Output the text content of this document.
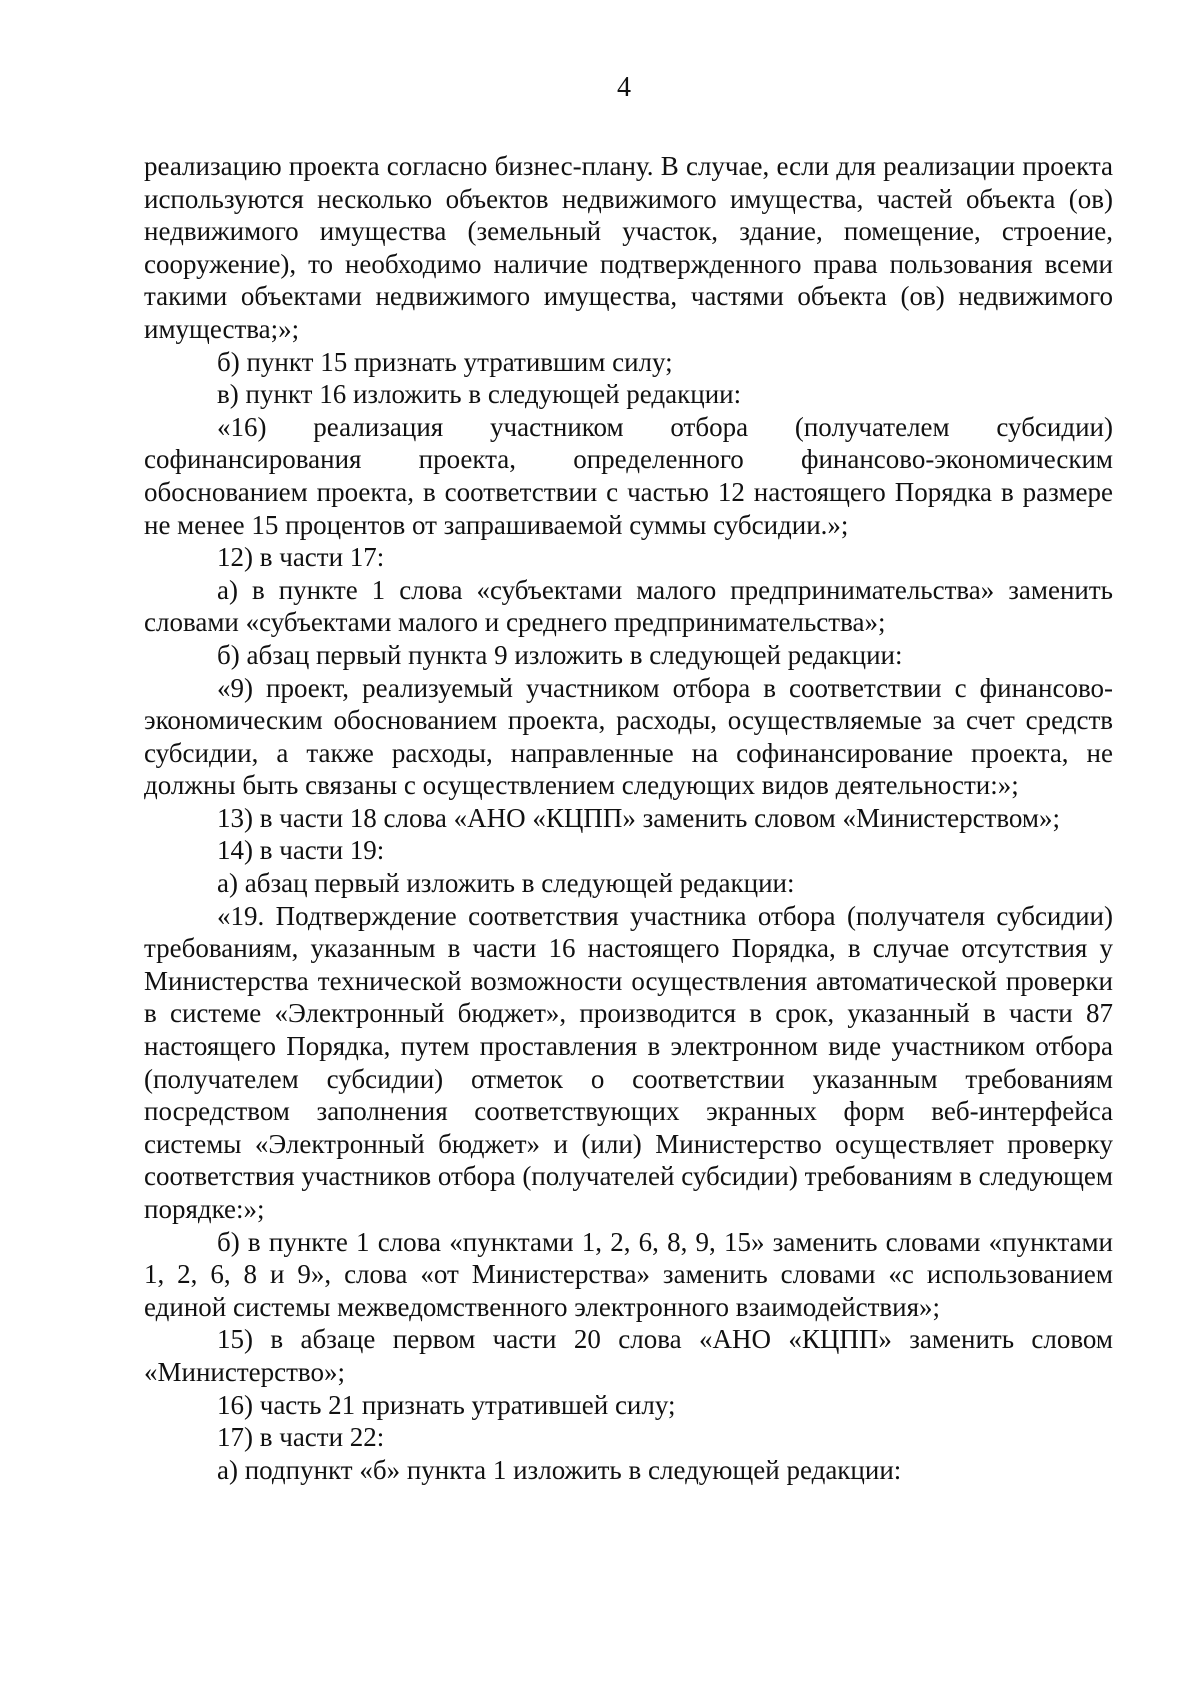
4

реализацию проекта согласно бизнес-плану. В случае, если для реализации проекта используются несколько объектов недвижимого имущества, частей объекта (ов) недвижимого имущества (земельный участок, здание, помещение, строение, сооружение), то необходимо наличие подтвержденного права пользования всеми такими объектами недвижимого имущества, частями объекта (ов) недвижимого имущества;»;

б) пункт 15 признать утратившим силу;

в) пункт 16 изложить в следующей редакции:

«16) реализация участником отбора (получателем субсидии) софинансирования проекта, определенного финансово-экономическим обоснованием проекта, в соответствии с частью 12 настоящего Порядка в размере не менее 15 процентов от запрашиваемой суммы субсидии.»;

12) в части 17:

а) в пункте 1 слова «субъектами малого предпринимательства» заменить словами «субъектами малого и среднего предпринимательства»;

б) абзац первый пункта 9 изложить в следующей редакции:

«9) проект, реализуемый участником отбора в соответствии с финансово-экономическим обоснованием проекта, расходы, осуществляемые за счет средств субсидии, а также расходы, направленные на софинансирование проекта, не должны быть связаны с осуществлением следующих видов деятельности:»;

13) в части 18 слова «АНО «КЦПП» заменить словом «Министерством»;

14) в части 19:

а) абзац первый изложить в следующей редакции:

«19. Подтверждение соответствия участника отбора (получателя субсидии) требованиям, указанным в части 16 настоящего Порядка, в случае отсутствия у Министерства технической возможности осуществления автоматической проверки в системе «Электронный бюджет», производится в срок, указанный в части 87 настоящего Порядка, путем проставления в электронном виде участником отбора (получателем субсидии) отметок о соответствии указанным требованиям посредством заполнения соответствующих экранных форм веб-интерфейса системы «Электронный бюджет» и (или) Министерство осуществляет проверку соответствия участников отбора (получателей субсидии) требованиям в следующем порядке:»;

б) в пункте 1 слова «пунктами 1, 2, 6, 8, 9, 15» заменить словами «пунктами 1, 2, 6, 8 и 9», слова «от Министерства» заменить словами «с использованием единой системы межведомственного электронного взаимодействия»;

15) в абзаце первом части 20 слова «АНО «КЦПП» заменить словом «Министерство»;

16) часть 21 признать утратившей силу;

17) в части 22:

а) подпункт «б» пункта 1 изложить в следующей редакции:
